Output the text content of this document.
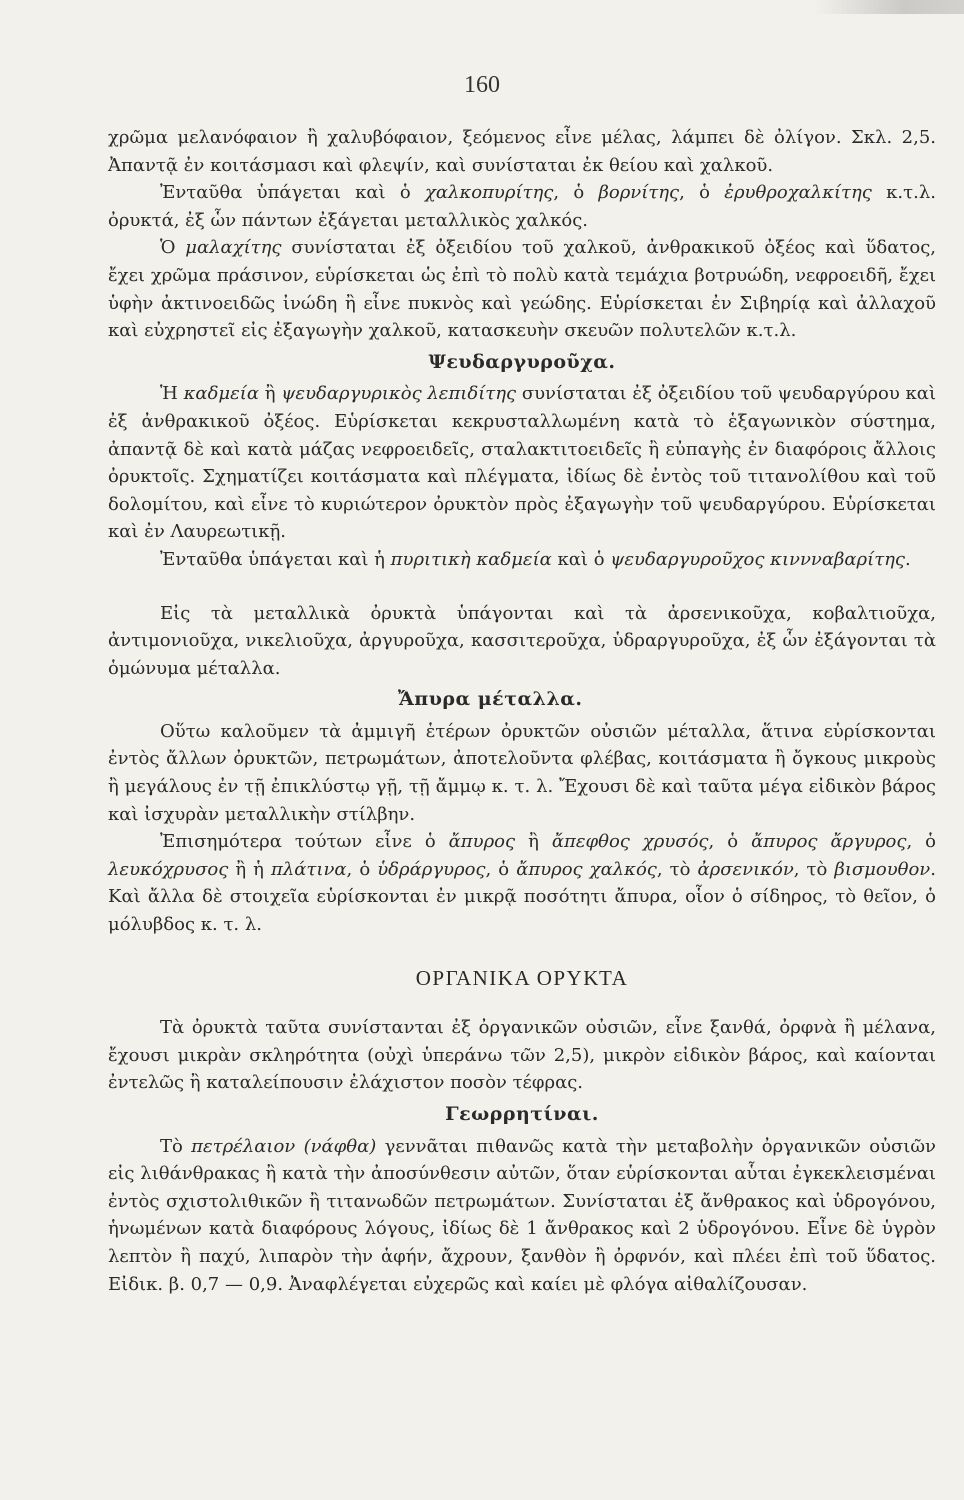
160

χρῶμα μελανόφαιον ἢ χαλυβόφαιον, ξεόμενος εἶνε μέλας, λάμπει δὲ ὀλίγον. Σκλ. 2,5. Ἀπαντᾷ ἐν κοιτάσμασι καὶ φλεψίν, καὶ συνίσταται ἐκ θείου καὶ χαλκοῦ.

Ἐνταῦθα ὑπάγεται καὶ ὁ χαλκοπυρίτης, ὁ βορνίτης, ὁ ἐρυθροχαλκίτης κ.τ.λ. ὀρυκτά, ἐξ ὧν πάντων ἐξάγεται μεταλλικὸς χαλκός.

Ὁ μαλαχίτης συνίσταται ἐξ ὀξειδίου τοῦ χαλκοῦ, ἀνθρακικοῦ ὀξέος καὶ ὕδατος, ἔχει χρῶμα πράσινον, εὑρίσκεται ὡς ἐπὶ τὸ πολὺ κατὰ τεμάχια βοτρυώδη, νεφροειδῆ, ἔχει ὑφὴν ἀκτινοειδῶς ἰνώδη ἢ εἶνε πυκνὸς καὶ γεώδης. Εὑρίσκεται ἐν Σιβηρίᾳ καὶ ἀλλαχοῦ καὶ εὐχρηστεῖ εἰς ἐξαγωγὴν χαλκοῦ, κατασκευὴν σκευῶν πολυτελῶν κ.τ.λ.

Ψευδαργυροῦχα.

Ἡ καδμεία ἢ ψευδαργυρικὸς λεπιδίτης συνίσταται ἐξ ὀξειδίου τοῦ ψευδαργύρου καὶ ἐξ ἀνθρακικοῦ ὀξέος. Εὑρίσκεται κεκρυσταλλωμένη κατὰ τὸ ἑξαγωνικὸν σύστημα, ἀπαντᾷ δὲ καὶ κατὰ μάζας νεφροειδεῖς, σταλακτιτοειδεῖς ἢ εὐπαγὴς ἐν διαφόροις ἄλλοις ὀρυκτοῖς. Σχηματίζει κοιτάσματα καὶ πλέγματα, ἰδίως δὲ ἐντὸς τοῦ τιτανολίθου καὶ τοῦ δολομίτου, καὶ εἶνε τὸ κυριώτερον ὀρυκτὸν πρὸς ἐξαγωγὴν τοῦ ψευδαργύρου. Εὑρίσκεται καὶ ἐν Λαυρεωτικῇ.

Ἐνταῦθα ὑπάγεται καὶ ἡ πυριτικὴ καδμεία καὶ ὁ ψευδαργυροῦχος κιννναβαρίτης.

Εἰς τὰ μεταλλικὰ ὀρυκτὰ ὑπάγονται καὶ τὰ ἀρσενικοῦχα, κοβαλτιοῦχα, ἀντιμονιοῦχα, νικελιοῦχα, ἀργυροῦχα, κασσιτεροῦχα, ὑδραργυροῦχα, ἐξ ὧν ἐξάγονται τὰ ὁμώνυμα μέταλλα.

Ἄπυρα μέταλλα.

Οὕτω καλοῦμεν τὰ ἀμμιγῆ ἑτέρων ὀρυκτῶν οὐσιῶν μέταλλα, ἅτινα εὑρίσκονται ἐντὸς ἄλλων ὀρυκτῶν, πετρωμάτων, ἀποτελοῦντα φλέβας, κοιτάσματα ἢ ὄγκους μικροὺς ἢ μεγάλους ἐν τῇ ἐπικλύστῳ γῇ, τῇ ἄμμῳ κ. τ. λ. Ἔχουσι δὲ καὶ ταῦτα μέγα εἰδικὸν βάρος καὶ ἰσχυρὰν μεταλλικὴν στίλβην.

Ἐπισημότερα τούτων εἶνε ὁ ἄπυρος ἢ ἄπεφθος χρυσός, ὁ ἄπυρος ἄργυρος, ὁ λευκόχρυσος ἢ ἡ πλάτινα, ὁ ὑδράργυρος, ὁ ἄπυρος χαλκός, τὸ ἀρσενικόν, τὸ βισμουθον. Καὶ ἄλλα δὲ στοιχεῖα εὑρίσκονται ἐν μικρᾷ ποσότητι ἄπυρα, οἷον ὁ σίδηρος, τὸ θεῖον, ὁ μόλυβδος κ. τ. λ.

ΟΡΓΑΝΙΚΑ ΟΡΥΚΤΑ

Τὰ ὀρυκτὰ ταῦτα συνίστανται ἐξ ὀργανικῶν οὐσιῶν, εἶνε ξανθά, ὀρφνὰ ἢ μέλανα, ἔχουσι μικρὰν σκληρότητα (οὐχὶ ὑπεράνω τῶν 2,5), μικρὸν εἰδικὸν βάρος, καὶ καίονται ἐντελῶς ἢ καταλείπουσιν ἐλάχιστον ποσὸν τέφρας.

Γεωρρητίναι.

Τὸ πετρέλαιον (νάφθα) γεννᾶται πιθανῶς κατὰ τὴν μεταβολὴν ὀργανικῶν οὐσιῶν εἰς λιθάνθρακας ἢ κατὰ τὴν ἀποσύνθεσιν αὐτῶν, ὅταν εὑρίσκονται αὗται ἐγκεκλεισμέναι ἐντὸς σχιστολιθικῶν ἢ τιτανωδῶν πετρωμάτων. Συνίσταται ἐξ ἄνθρακος καὶ ὑδρογόνου, ἡνωμένων κατὰ διαφόρους λόγους, ἰδίως δὲ 1 ἄνθρακος καὶ 2 ὑδρογόνου. Εἶνε δὲ ὑγρὸν λεπτὸν ἢ παχύ, λιπαρὸν τὴν ἁφήν, ἄχρουν, ξανθὸν ἢ ὀρφνόν, καὶ πλέει ἐπὶ τοῦ ὕδατος. Εἰδικ. β. 0,7 — 0,9. Ἀναφλέγεται εὐχερῶς καὶ καίει μὲ φλόγα αἰθαλίζουσαν.
